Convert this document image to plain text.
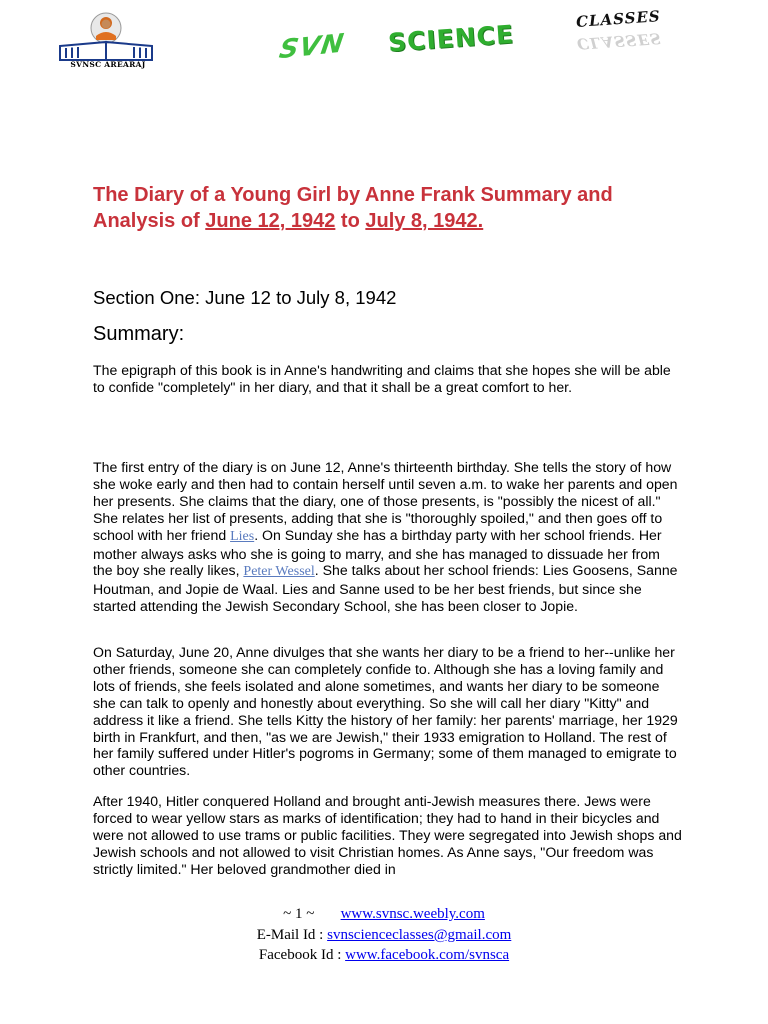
SVNSC AREARAJ	SVN SCIENCE
CLASSES
CLASSES
The Diary of a Young Girl by Anne Frank Summary and Analysis of June 12, 1942 to July 8, 1942.
Section One: June 12 to July 8, 1942
Summary:

The epigraph of this book is in Anne's handwriting and claims that she hopes she will be able to confide "completely" in her diary, and that it shall be a great comfort to her.

The first entry of the diary is on June 12, Anne's thirteenth birthday. She tells the story of how she woke early and then had to contain herself until seven a.m. to wake her parents and open her presents. She claims that the diary, one of those presents, is "possibly the nicest of all." She relates her list of presents, adding that she is "thoroughly spoiled," and then goes off to school with her friend Lies. On Sunday she has a birthday party with her school friends. Her mother always asks who she is going to marry, and she has managed to dissuade her from the boy she really likes, Peter Wessel. She talks about her school friends: Lies Goosens, Sanne Houtman, and Jopie de Waal. Lies and Sanne used to be her best friends, but since she started attending the Jewish Secondary School, she has been closer to Jopie.

On Saturday, June 20, Anne divulges that she wants her diary to be a friend to her--unlike her other friends, someone she can completely confide to. Although she has a loving family and lots of friends, she feels isolated and alone sometimes, and wants her diary to be someone she can talk to openly and honestly about everything. So she will call her diary "Kitty" and address it like a friend. She tells Kitty the history of her family: her parents' marriage, her 1929 birth in Frankfurt, and then, "as we are Jewish," their 1933 emigration to Holland. The rest of her family suffered under Hitler's pogroms in Germany; some of them managed to emigrate to other countries.

After 1940, Hitler conquered Holland and brought anti-Jewish measures there. Jews were forced to wear yellow stars as marks of identification; they had to hand in their bicycles and were not allowed to use trams or public facilities. They were segregated into Jewish shops and Jewish schools and not allowed to visit Christian homes. As Anne says, "Our freedom was strictly limited." Her beloved grandmother died in

~ 1 ~ www.svnsc.weebly.com
E-Mail Id : svnscienceclasses@gmail.com
Facebook Id : www.facebook.com/svnsca
